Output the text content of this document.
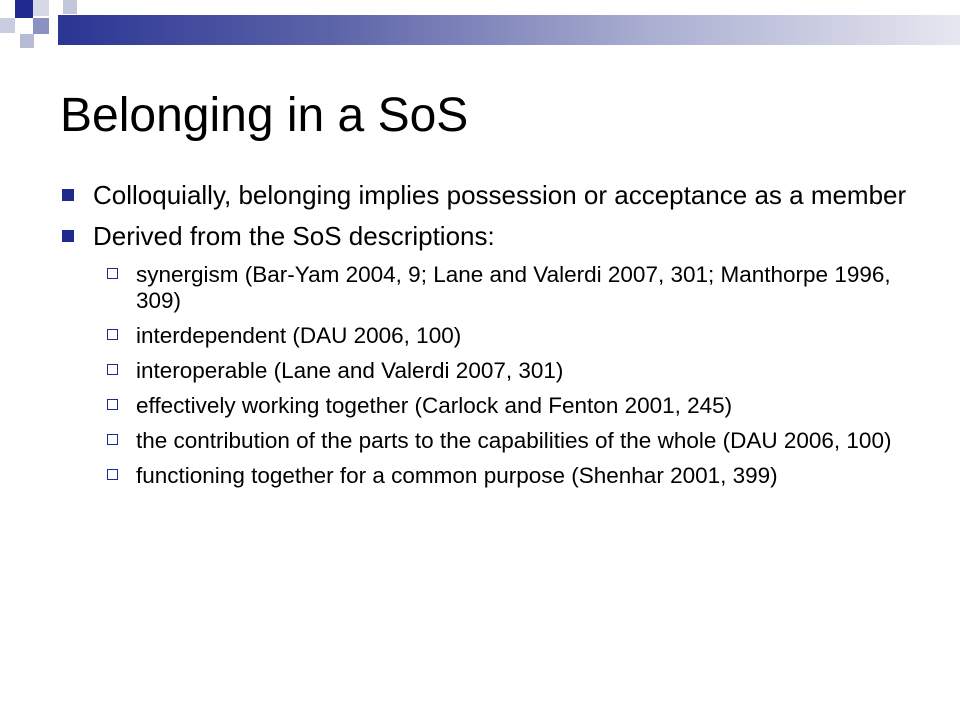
Belonging in a SoS
Colloquially, belonging implies possession or acceptance as a member
Derived from the SoS descriptions:
synergism (Bar-Yam 2004, 9; Lane and Valerdi 2007, 301; Manthorpe 1996, 309)
interdependent (DAU 2006, 100)
interoperable (Lane and Valerdi 2007, 301)
effectively working together (Carlock and Fenton 2001, 245)
the contribution of the parts to the capabilities of the whole (DAU 2006, 100)
functioning together for a common purpose (Shenhar 2001, 399)
